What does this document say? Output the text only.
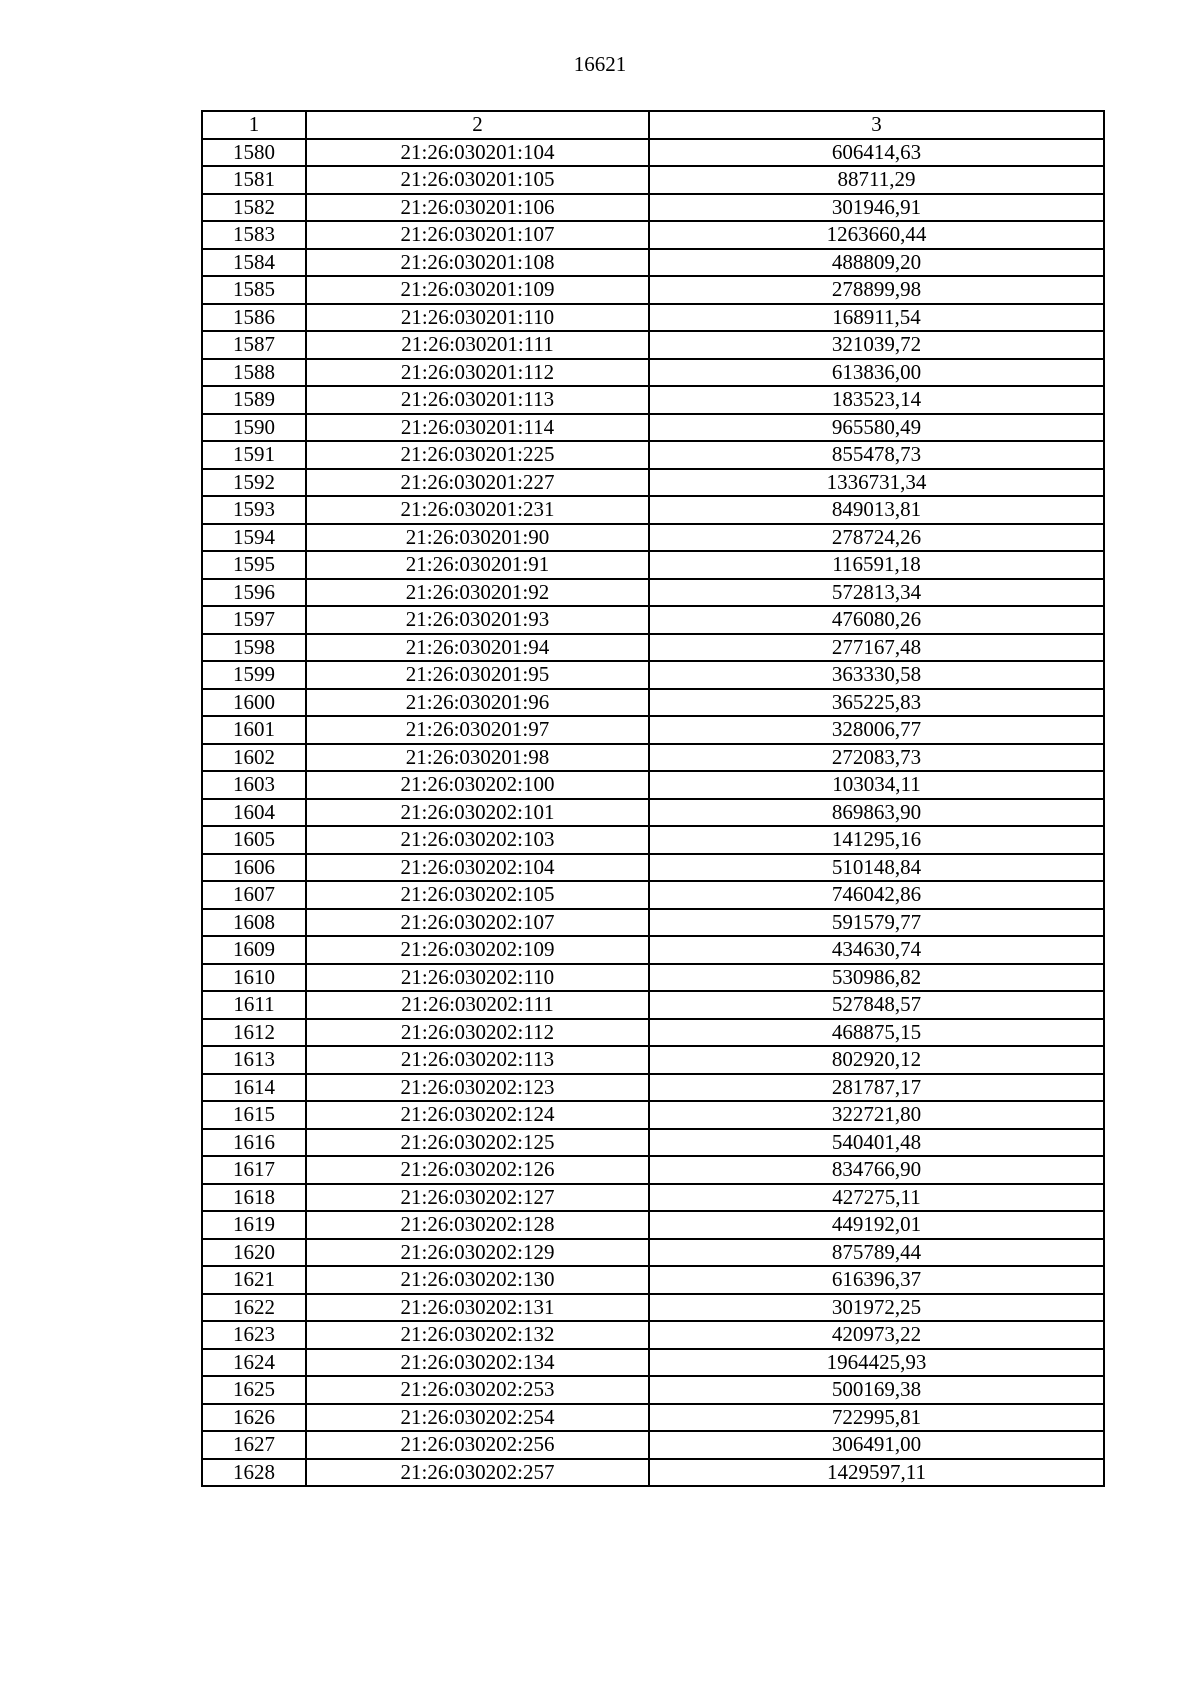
16621
1	2	3
1580	21:26:030201:104	606414,63
1581	21:26:030201:105	88711,29
1582	21:26:030201:106	301946,91
1583	21:26:030201:107	1263660,44
1584	21:26:030201:108	488809,20
1585	21:26:030201:109	278899,98
1586	21:26:030201:110	168911,54
1587	21:26:030201:111	321039,72
1588	21:26:030201:112	613836,00
1589	21:26:030201:113	183523,14
1590	21:26:030201:114	965580,49
1591	21:26:030201:225	855478,73
1592	21:26:030201:227	1336731,34
1593	21:26:030201:231	849013,81
1594	21:26:030201:90	278724,26
1595	21:26:030201:91	116591,18
1596	21:26:030201:92	572813,34
1597	21:26:030201:93	476080,26
1598	21:26:030201:94	277167,48
1599	21:26:030201:95	363330,58
1600	21:26:030201:96	365225,83
1601	21:26:030201:97	328006,77
1602	21:26:030201:98	272083,73
1603	21:26:030202:100	103034,11
1604	21:26:030202:101	869863,90
1605	21:26:030202:103	141295,16
1606	21:26:030202:104	510148,84
1607	21:26:030202:105	746042,86
1608	21:26:030202:107	591579,77
1609	21:26:030202:109	434630,74
1610	21:26:030202:110	530986,82
1611	21:26:030202:111	527848,57
1612	21:26:030202:112	468875,15
1613	21:26:030202:113	802920,12
1614	21:26:030202:123	281787,17
1615	21:26:030202:124	322721,80
1616	21:26:030202:125	540401,48
1617	21:26:030202:126	834766,90
1618	21:26:030202:127	427275,11
1619	21:26:030202:128	449192,01
1620	21:26:030202:129	875789,44
1621	21:26:030202:130	616396,37
1622	21:26:030202:131	301972,25
1623	21:26:030202:132	420973,22
1624	21:26:030202:134	1964425,93
1625	21:26:030202:253	500169,38
1626	21:26:030202:254	722995,81
1627	21:26:030202:256	306491,00
1628	21:26:030202:257	1429597,11
